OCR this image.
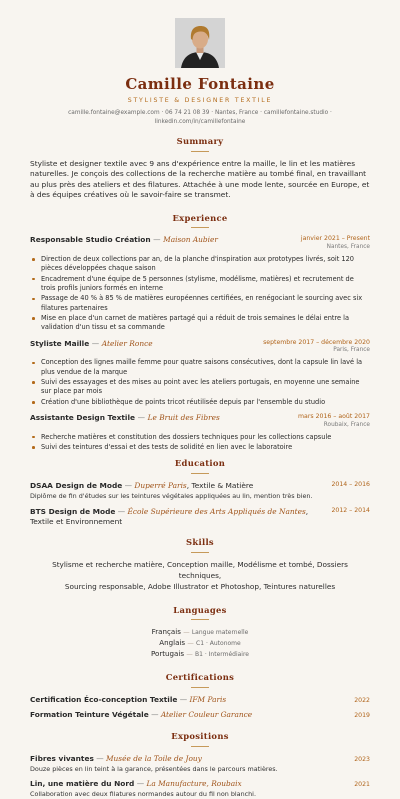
Camille Fontaine
STYLISTE & DESIGNER TEXTILE
camille.fontaine@example.com · 06 74 21 08 39 · Nantes, France · camillefontaine.studio ·
linkedin.com/in/camillefontaine
Summary
Styliste et designer textile avec 9 ans d'expérience entre la maille, le lin et les matières naturelles. Je conçois des collections de la recherche matière au tombé final, en travaillant au plus près des ateliers et des filatures. Attachée à une mode lente, sourcée en Europe, et à des équipes créatives où le savoir-faire se transmet.
Experience
Responsable Studio Création — Maison Aubier	janvier 2021 – Present
Nantes, France
Direction de deux collections par an, de la planche d'inspiration aux prototypes livrés, soit 120 pièces développées chaque saison
Encadrement d'une équipe de 5 personnes (stylisme, modélisme, matières) et recrutement de trois profils juniors formés en interne
Passage de 40 % à 85 % de matières européennes certifiées, en renégociant le sourcing avec six filatures partenaires
Mise en place d'un carnet de matières partagé qui a réduit de trois semaines le délai entre la validation d'un tissu et sa commande
Styliste Maille — Atelier Ronce	septembre 2017 – décembre 2020
Paris, France
Conception des lignes maille femme pour quatre saisons consécutives, dont la capsule lin lavé la plus vendue de la marque
Suivi des essayages et des mises au point avec les ateliers portugais, en moyenne une semaine sur place par mois
Création d'une bibliothèque de points tricot réutilisée depuis par l'ensemble du studio
Assistante Design Textile — Le Bruit des Fibres	mars 2016 – août 2017
Roubaix, France
Recherche matières et constitution des dossiers techniques pour les collections capsule
Suivi des teintures d'essai et des tests de solidité en lien avec le laboratoire
Education
DSAA Design de Mode — Duperré Paris, Textile & Matière	2014 – 2016
Diplôme de fin d'études sur les teintures végétales appliquées au lin, mention très bien.
BTS Design de Mode — École Supérieure des Arts Appliqués de Nantes, Textile et Environnement
2012 – 2014
Skills
Stylisme et recherche matière, Conception maille, Modélisme et tombé, Dossiers techniques,
Sourcing responsable, Adobe Illustrator et Photoshop, Teintures naturelles
Languages
Français — Langue maternelle
Anglais — C1 · Autonome
Portugais — B1 · Intermédiaire
Certifications
Certification Éco-conception Textile — IFM Paris	2022
Formation Teinture Végétale — Atelier Couleur Garance	2019
Expositions
Fibres vivantes — Musée de la Toile de Jouy	2023
Douze pièces en lin teint à la garance, présentées dans le parcours matières.
Lin, une matière du Nord — La Manufacture, Roubaix	2021
Collaboration avec deux filatures normandes autour du fil non blanchi.
